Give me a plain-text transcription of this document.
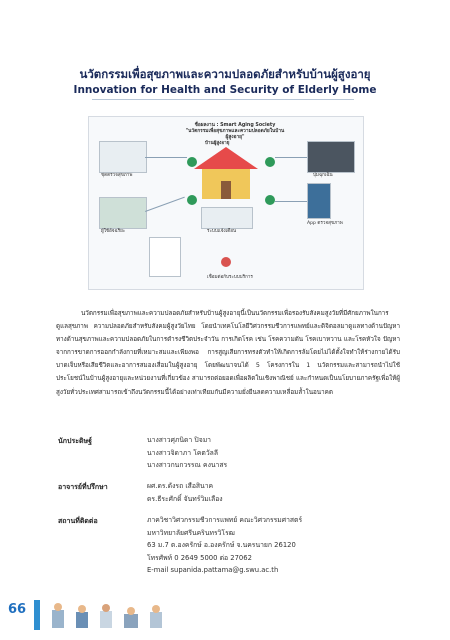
นวัตกรรมเพื่อสุขภาพและความปลอดภัยสำหรับบ้านผู้สูงอายุ
Innovation for Health and Security of Elderly Home
ชื่อผลงาน : Smart Aging Society
"นวัตกรรมเพื่อสุขภาพและความปลอดภัยในบ้านผู้สูงอายุ"
ชุดตรวจสุขภาพ	ปุ่มฉุกเฉิน
บ้านผู้สูงอายุ
ผู้ใช้อัจฉริยะ	ระบบแจ้งเตือน
App ตรวจสุขภาพ
เชื่อมต่อกับระบบบริการ

นวัตกรรมเพื่อสุขภาพและความปลอดภัยสำหรับบ้านผู้สูงอายุนี้เป็นนวัตกรรมเพื่อรองรับสังคมสูงวัยที่มีศักยภาพในการดูแลสุขภาพ ความปลอดภัยสำหรับสังคมผู้สูงวัยไทย โดยนำเทคโนโลยีวิศวกรรมชีวการแพทย์และดิจิตอลมาดูแลทางด้านปัญหาทางด้านสุขภาพและความปลอดภัยในการดำรงชีวิตประจำวัน การเกิดโรค เช่น โรคความดัน โรคเบาหวาน และโรคหัวใจ ปัญหาจากการขาดการออกกำลังกายที่เหมาะสมและเพียงพอ การสูญเสียการทรงตัวทำให้เกิดการล้มโดยไม่ได้ตั้งใจทำให้ร่างกายได้รับบาดเจ็บหรือเสียชีวิตและอาการสมองเสื่อมในผู้สูงอายุ โดยพัฒนาจนได้ 5 โครงการใน 1 นวัตกรรมและสามารถนำไปใช้ประโยชน์ในบ้านผู้สูงอายุและหน่วยงานที่เกี่ยวข้อง สามารถต่อยอดเพื่อผลิตในเชิงพาณิชย์ และกำหนดเป็นนโยบายภาครัฐเพื่อให้ผู้สูงวัยทั่วประเทศสามารถเข้าถึงนวัตกรรมนี้ได้อย่างเท่าเทียมกันมีความยั่งยืนลดความเหลื่อมล้ำในอนาคต

นักประดิษฐ์	นางสาวศุภนิดา ปิจมา
นางสาวจิดาภา โคตวัลลี
นางสาวกนกวรรณ คงนาสร
อาจารย์ที่ปรึกษา	ผศ.ดร.ดังรถ เสือสินาค
ดร.ธีระศักดิ์ จันทร์วิมเลือง
สถานที่ติดต่อ	ภาควิชาวิศวกรรมชีวการแพทย์ คณะวิศวกรรมศาสตร์
มหาวิทยาลัยศรีนครินทรวิโรฒ
63 ม.7 ต.องครักษ์ อ.องครักษ์ จ.นครนายก 26120
โทรศัพท์ 0 2649 5000 ต่อ 27062
E-mail supanida.pattama@g.swu.ac.th
66
